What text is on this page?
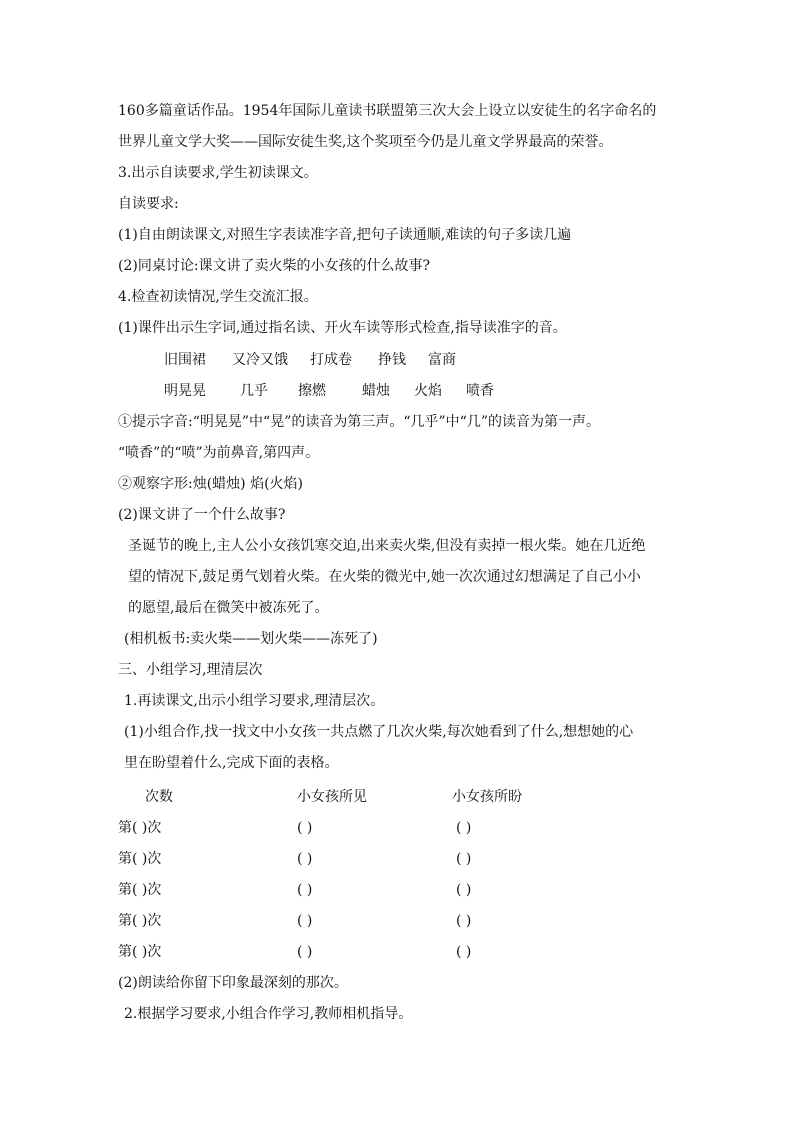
160多篇童话作品。1954年国际儿童读书联盟第三次大会上设立以安徒生的名字命名的
世界儿童文学大奖——国际安徒生奖,这个奖项至今仍是儿童文学界最高的荣誉。
3.出示自读要求,学生初读课文。
自读要求:
(1)自由朗读课文,对照生字表读准字音,把句子读通顺,难读的句子多读几遍
(2)同桌讨论:课文讲了卖火柴的小女孩的什么故事?
4.检查初读情况,学生交流汇报。
(1)课件出示生字词,通过指名读、开火车读等形式检查,指导读准字的音。
旧围裙 又冷又饿 打成卷 挣钱 富商
明晃晃 几乎 擦燃	蜡烛 火焰 喷香
①提示字音:“明晃晃”中“晃”的读音为第三声。“几乎”中“几”的读音为第一声。
“喷香”的“喷”为前鼻音,第四声。
②观察字形:烛(蜡烛) 焰(火焰)
(2)课文讲了一个什么故事?
圣诞节的晚上,主人公小女孩饥寒交迫,出来卖火柴,但没有卖掉一根火柴。她在几近绝
望的情况下,鼓足勇气划着火柴。在火柴的微光中,她一次次通过幻想满足了自己小小
的愿望,最后在微笑中被冻死了。
(相机板书:卖火柴——划火柴——冻死了)
三、小组学习,理清层次
1.再读课文,出示小组学习要求,理清层次。
(1)小组合作,找一找文中小女孩一共点燃了几次火柴,每次她看到了什么,想想她的心
里在盼望着什么,完成下面的表格。
次数	小女孩所见	小女孩所盼
第( )次	( )	( )
第( )次	( )	( )
第( )次	( )	( )
第( )次	( )	( )
第( )次	( )	( )
(2)朗读给你留下印象最深刻的那次。
2.根据学习要求,小组合作学习,教师相机指导。
